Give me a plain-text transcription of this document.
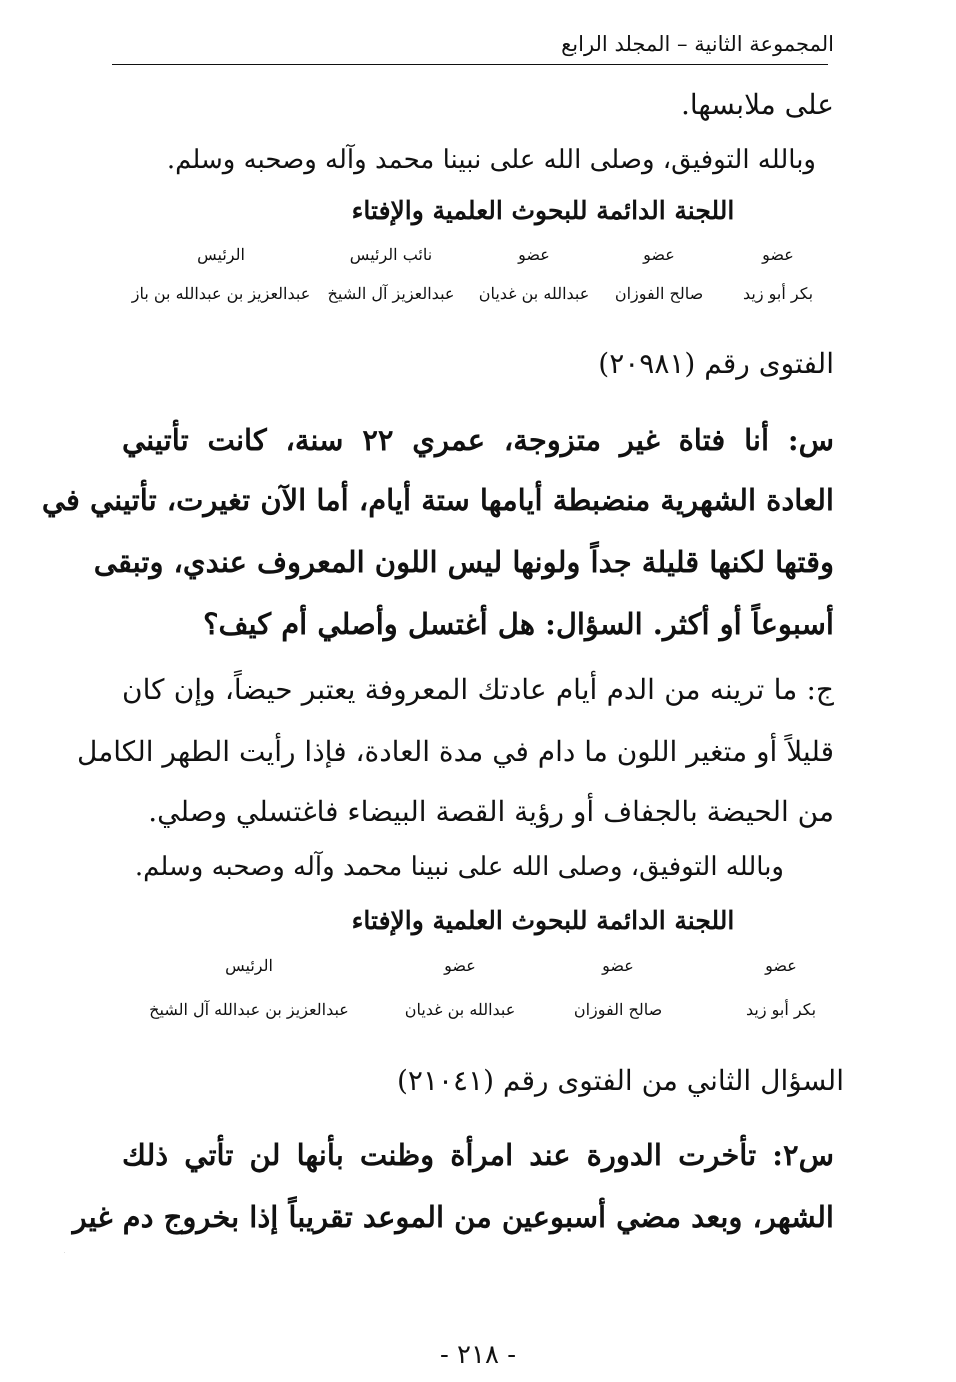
المجموعة الثانية – المجلد الرابع
على ملابسها.
وبالله التوفيق، وصلى الله على نبينا محمد وآله وصحبه وسلم.
اللجنة الدائمة للبحوث العلمية والإفتاء
عضو
عضو
عضو
نائب الرئيس
الرئيس
بكر أبو زيد
صالح الفوزان
عبدالله بن غديان
عبدالعزيز آل الشيخ
عبدالعزيز بن عبدالله بن باز
الفتوى رقم (٢٠٩٨١)
س: أنا فتاة غير متزوجة، عمري ٢٢ سنة، كانت تأتيني
العادة الشهرية منضبطة أيامها ستة أيام، أما الآن تغيرت، تأتيني في
وقتها لكنها قليلة جداً ولونها ليس اللون المعروف عندي، وتبقى
أسبوعاً أو أكثر. السؤال: هل أغتسل وأصلي أم كيف؟
ج: ما ترينه من الدم أيام عادتك المعروفة يعتبر حيضاً، وإن كان
قليلاً أو متغير اللون ما دام في مدة العادة، فإذا رأيت الطهر الكامل
من الحيضة بالجفاف أو رؤية القصة البيضاء فاغتسلي وصلي.
وبالله التوفيق، وصلى الله على نبينا محمد وآله وصحبه وسلم.
اللجنة الدائمة للبحوث العلمية والإفتاء
عضو
عضو
عضو
الرئيس
بكر أبو زيد
صالح الفوزان
عبدالله بن غديان
عبدالعزيز بن عبدالله آل الشيخ
السؤال الثاني من الفتوى رقم (٢١٠٤١)
س٢: تأخرت الدورة عند امرأة وظنت بأنها لن تأتي ذلك
الشهر، وبعد مضي أسبوعين من الموعد تقريباً إذا بخروج دم غير
- ٢١٨ -
